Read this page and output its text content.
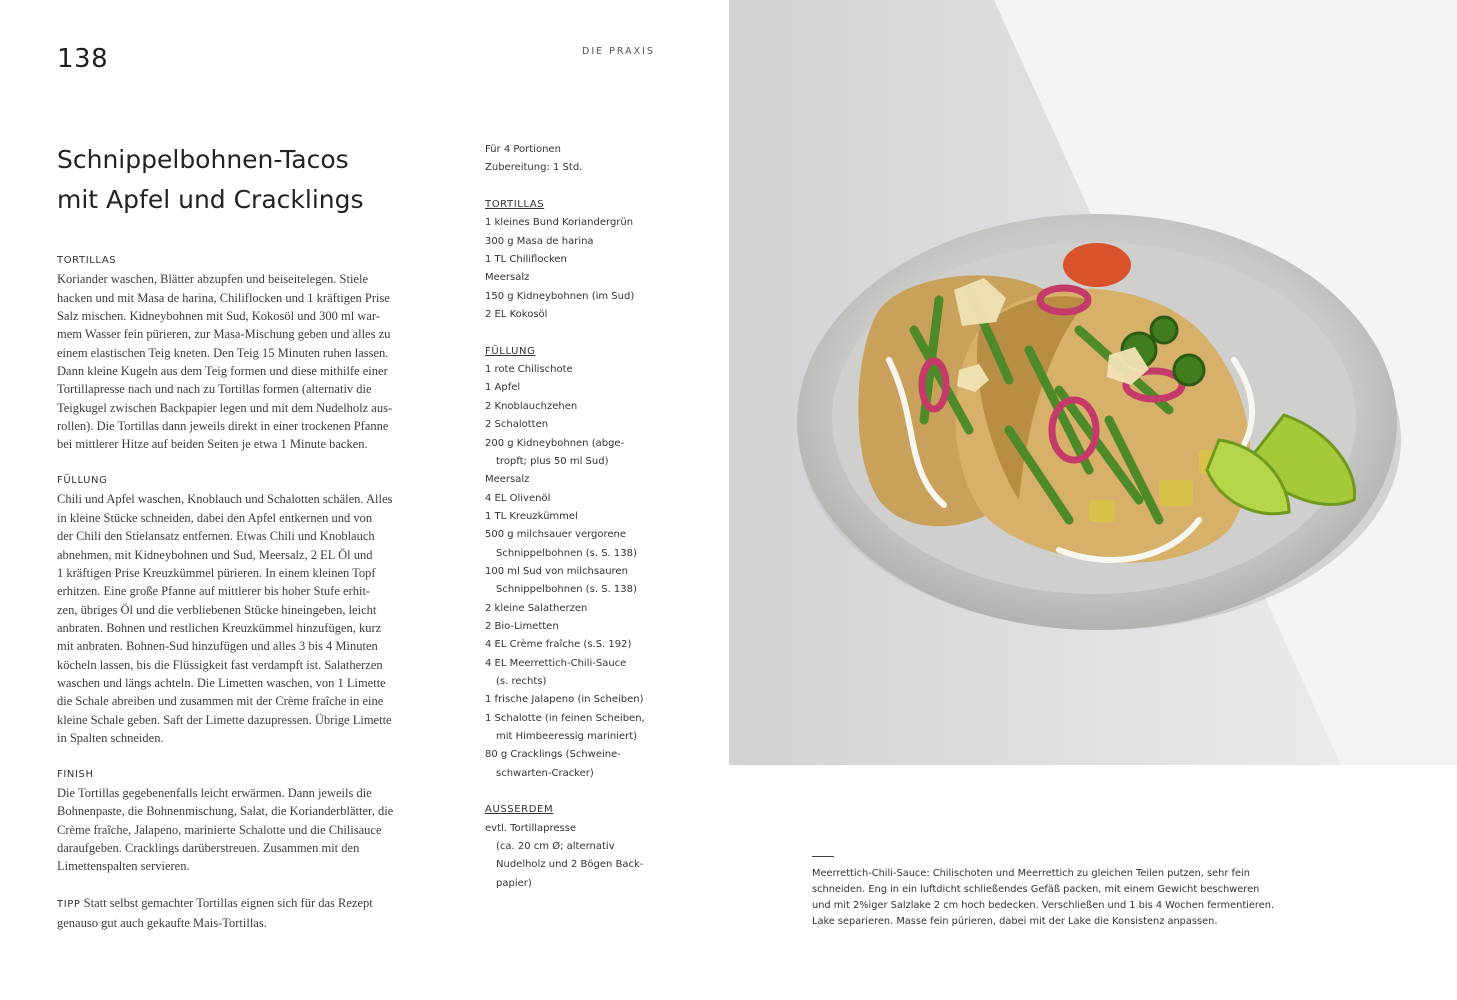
138	DIE PRAXIS
Schnippelbohnen-Tacos
mit Apfel und Cracklings
TORTILLAS
Koriander waschen, Blätter abzupfen und beiseitelegen. Stiele
hacken und mit Masa de harina, Chiliflocken und 1 kräftigen Prise
Salz mischen. Kidneybohnen mit Sud, Kokosöl und 300 ml war-
mem Wasser fein pürieren, zur Masa-Mischung geben und alles zu
einem elastischen Teig kneten. Den Teig 15 Minuten ruhen lassen.
Dann kleine Kugeln aus dem Teig formen und diese mithilfe einer
Tortillapresse nach und nach zu Tortillas formen (alternativ die
Teigkugel zwischen Backpapier legen und mit dem Nudelholz aus-
rollen). Die Tortillas dann jeweils direkt in einer trockenen Pfanne
bei mittlerer Hitze auf beiden Seiten je etwa 1 Minute backen.
FÜLLUNG
Chili und Apfel waschen, Knoblauch und Schalotten schälen. Alles
in kleine Stücke schneiden, dabei den Apfel entkernen und von
der Chili den Stielansatz entfernen. Etwas Chili und Knoblauch
abnehmen, mit Kidneybohnen und Sud, Meersalz, 2 EL Öl und
1 kräftigen Prise Kreuzkümmel pürieren. In einem kleinen Topf
erhitzen. Eine große Pfanne auf mittlerer bis hoher Stufe erhit-
zen, übriges Öl und die verbliebenen Stücke hineingeben, leicht
anbraten. Bohnen und restlichen Kreuzkümmel hinzufügen, kurz
mit anbraten. Bohnen-Sud hinzufügen und alles 3 bis 4 Minuten
köcheln lassen, bis die Flüssigkeit fast verdampft ist. Salatherzen
waschen und längs achteln. Die Limetten waschen, von 1 Limette
die Schale abreiben und zusammen mit der Crème fraîche in eine
kleine Schale geben. Saft der Limette dazupressen. Übrige Limette
in Spalten schneiden.
FINISH
Die Tortillas gegebenenfalls leicht erwärmen. Dann jeweils die
Bohnenpaste, die Bohnenmischung, Salat, die Korianderblätter, die
Crème fraîche, Jalapeno, marinierte Schalotte und die Chilisauce
daraufgeben. Cracklings darüberstreuen. Zusammen mit den
Limettenspalten servieren.
TIPP Statt selbst gemachter Tortillas eignen sich für das Rezept
genauso gut auch gekaufte Mais-Tortillas.
Für 4 Portionen
Zubereitung: 1 Std.
TORTILLAS
1 kleines Bund Koriandergrün
300 g Masa de harina
1 TL Chiliflocken
Meersalz
150 g Kidneybohnen (im Sud)
2 EL Kokosöl
FÜLLUNG
1 rote Chilischote
1 Apfel
2 Knoblauchzehen
2 Schalotten
200 g Kidneybohnen (abge-
tropft; plus 50 ml Sud)
Meersalz
4 EL Olivenöl
1 TL Kreuzkümmel
500 g milchsauer vergorene
Schnippelbohnen (s. S. 138)
100 ml Sud von milchsauren
Schnippelbohnen (s. S. 138)
2 kleine Salatherzen
2 Bio-Limetten
4 EL Crème fraîche (s.S. 192)
4 EL Meerrettich-Chili-Sauce
(s. rechts)
1 frische Jalapeno (in Scheiben)
1 Schalotte (in feinen Scheiben,
mit Himbeeressig mariniert)
80 g Cracklings (Schweine-
schwarten-Cracker)
AUSSERDEM
evtl. Tortillapresse
(ca. 20 cm Ø; alternativ
Nudelholz und 2 Bögen Back-
papier)
Meerrettich-Chili-Sauce: Chilischoten und Meerrettich zu gleichen Teilen putzen, sehr fein
schneiden. Eng in ein luftdicht schließendes Gefäß packen, mit einem Gewicht beschweren
und mit 2%iger Salzlake 2 cm hoch bedecken. Verschließen und 1 bis 4 Wochen fermentieren.
Lake separieren. Masse fein pürieren, dabei mit der Lake die Konsistenz anpassen.
